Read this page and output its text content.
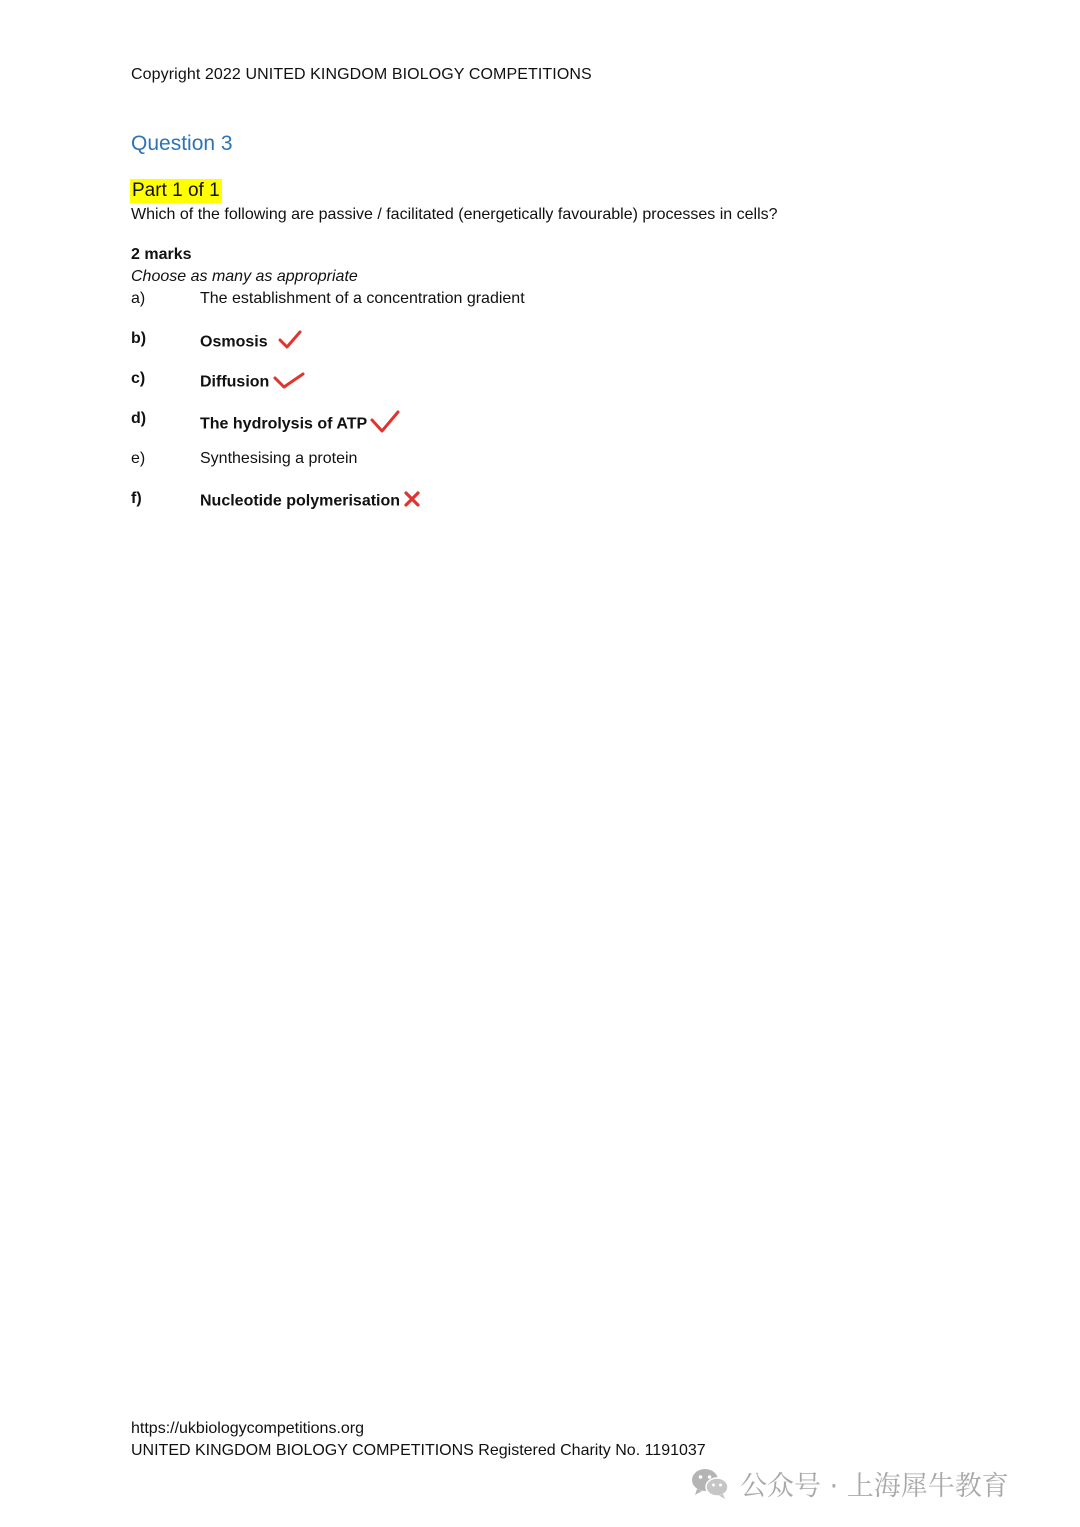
Copyright 2022 UNITED KINGDOM BIOLOGY COMPETITIONS
Question 3
Part 1 of 1
Which of the following are passive / facilitated (energetically favourable) processes in cells?
2 marks
Choose as many as appropriate
a)	The establishment of a concentration gradient
b)	Osmosis
c)	Diffusion
d)	The hydrolysis of ATP
e)	Synthesising a protein
f)	Nucleotide polymerisation
https://ukbiologycompetitions.org
UNITED KINGDOM BIOLOGY COMPETITIONS Registered Charity No. 1191037
公众号 · 上海犀牛教育
